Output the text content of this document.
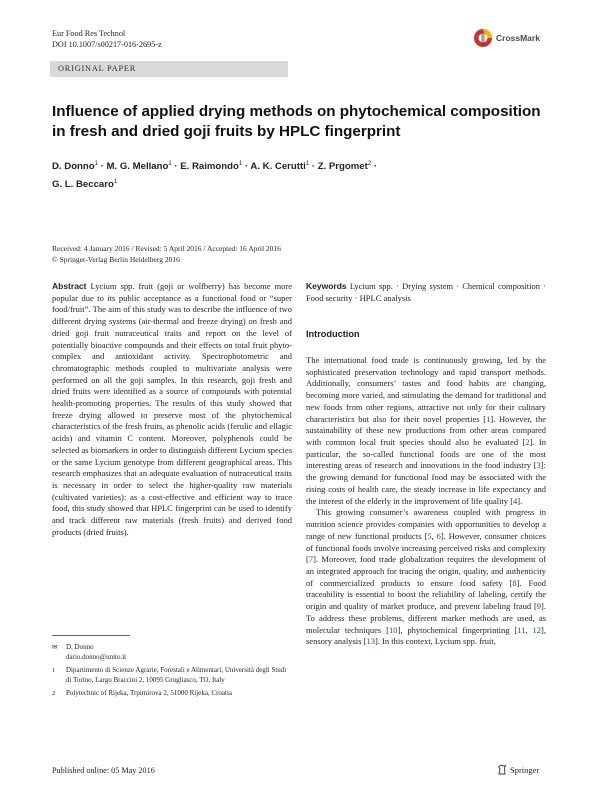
Eur Food Res Technol
DOI 10.1007/s00217-016-2695-z
CrossMark
ORIGINAL PAPER
Influence of applied drying methods on phytochemical composition in fresh and dried goji fruits by HPLC fingerprint
D. Donno$^1$ · M. G. Mellano$^1$ · E. Raimondo$^1$ · A. K. Cerutti$^1$ · Z. Prgomet$^2$ · G. L. Beccaro$^1$
Received: 4 January 2016 / Revised: 5 April 2016 / Accepted: 16 April 2016
© Springer-Verlag Berlin Heidelberg 2016
Abstract Lycium spp. fruit (goji or wolfberry) has become more popular due to its public acceptance as a functional food or “super food/fruit”. The aim of this study was to describe the influence of two different drying systems (air-thermal and freeze drying) on fresh and dried goji fruit nutraceutical traits and report on the level of potentially bioactive compounds and their effects on total fruit phyto-complex and antioxidant activity. Spectrophotometric and chromatographic methods coupled to multivariate analysis were performed on all the goji samples. In this research, goji fresh and dried fruits were identified as a source of compounds with potential health-promoting properties. The results of this study showed that freeze drying allowed to preserve most of the phytochemical characteristics of the fresh fruits, as phenolic acids (ferulic and ellagic acids) and vitamin C content. Moreover, polyphenols could be selected as biomarkers in order to distinguish different Lycium species or the same Lycium genotype from different geographical areas. This research emphasizes that an adequate evaluation of nutraceutical traits is necessary in order to select the higher-quality raw materials (cultivated varieties): as a cost-effective and efficient way to trace food, this study showed that HPLC fingerprint can be used to identify and track different raw materials (fresh fruits) and derived food products (dried fruits).
Keywords Lycium spp. · Drying system · Chemical composition · Food security · HPLC analysis
Introduction

The international food trade is continuously growing, led by the sophisticated preservation technology and rapid transport methods. Additionally, consumers’ tastes and food habits are changing, becoming more varied, and stimulating the demand for traditional and new foods from other regions, attractive not only for their culinary characteristics but also for their novel properties [1]. However, the sustainability of these new productions from other areas compared with common local fruit species should also be evaluated [2]. In particular, the so-called functional foods are one of the most interesting areas of research and innovations in the food industry [3]: the growing demand for functional food may be associated with the rising costs of health care, the steady increase in life expectancy and the interest of the elderly in the improvement of life quality [4].

This growing consumer’s awareness coupled with progress in nutrition science provides companies with opportunities to develop a range of new functional products [5, 6]. However, consumer choices of functional foods involve increasing perceived risks and complexity [7]. Moreover, food trade globalization requires the development of an integrated approach for tracing the origin, quality, and authenticity of commercialized products to ensure food safety [8]. Food traceability is essential to boost the reliability of labeling, certify the origin and quality of market produce, and prevent labeling fraud [9]. To address these problems, different marker methods are used, as molecular techniques [10], phytochemical fingerprinting [11, 12], sensory analysis [13]. In this context, Lycium spp. fruit,

✉	D. Donno
dario.donno@unito.it
1	Dipartimento di Scienze Agrarie, Forestali e Alimentari, Università degli Studi di Torino, Largo Braccini 2, 10095 Grugliasco, TO, Italy
2	Polytechnic of Rijeka, Trpimirova 2, 51000 Rijeka, Croatia
Published online: 05 May 2016	Springer
